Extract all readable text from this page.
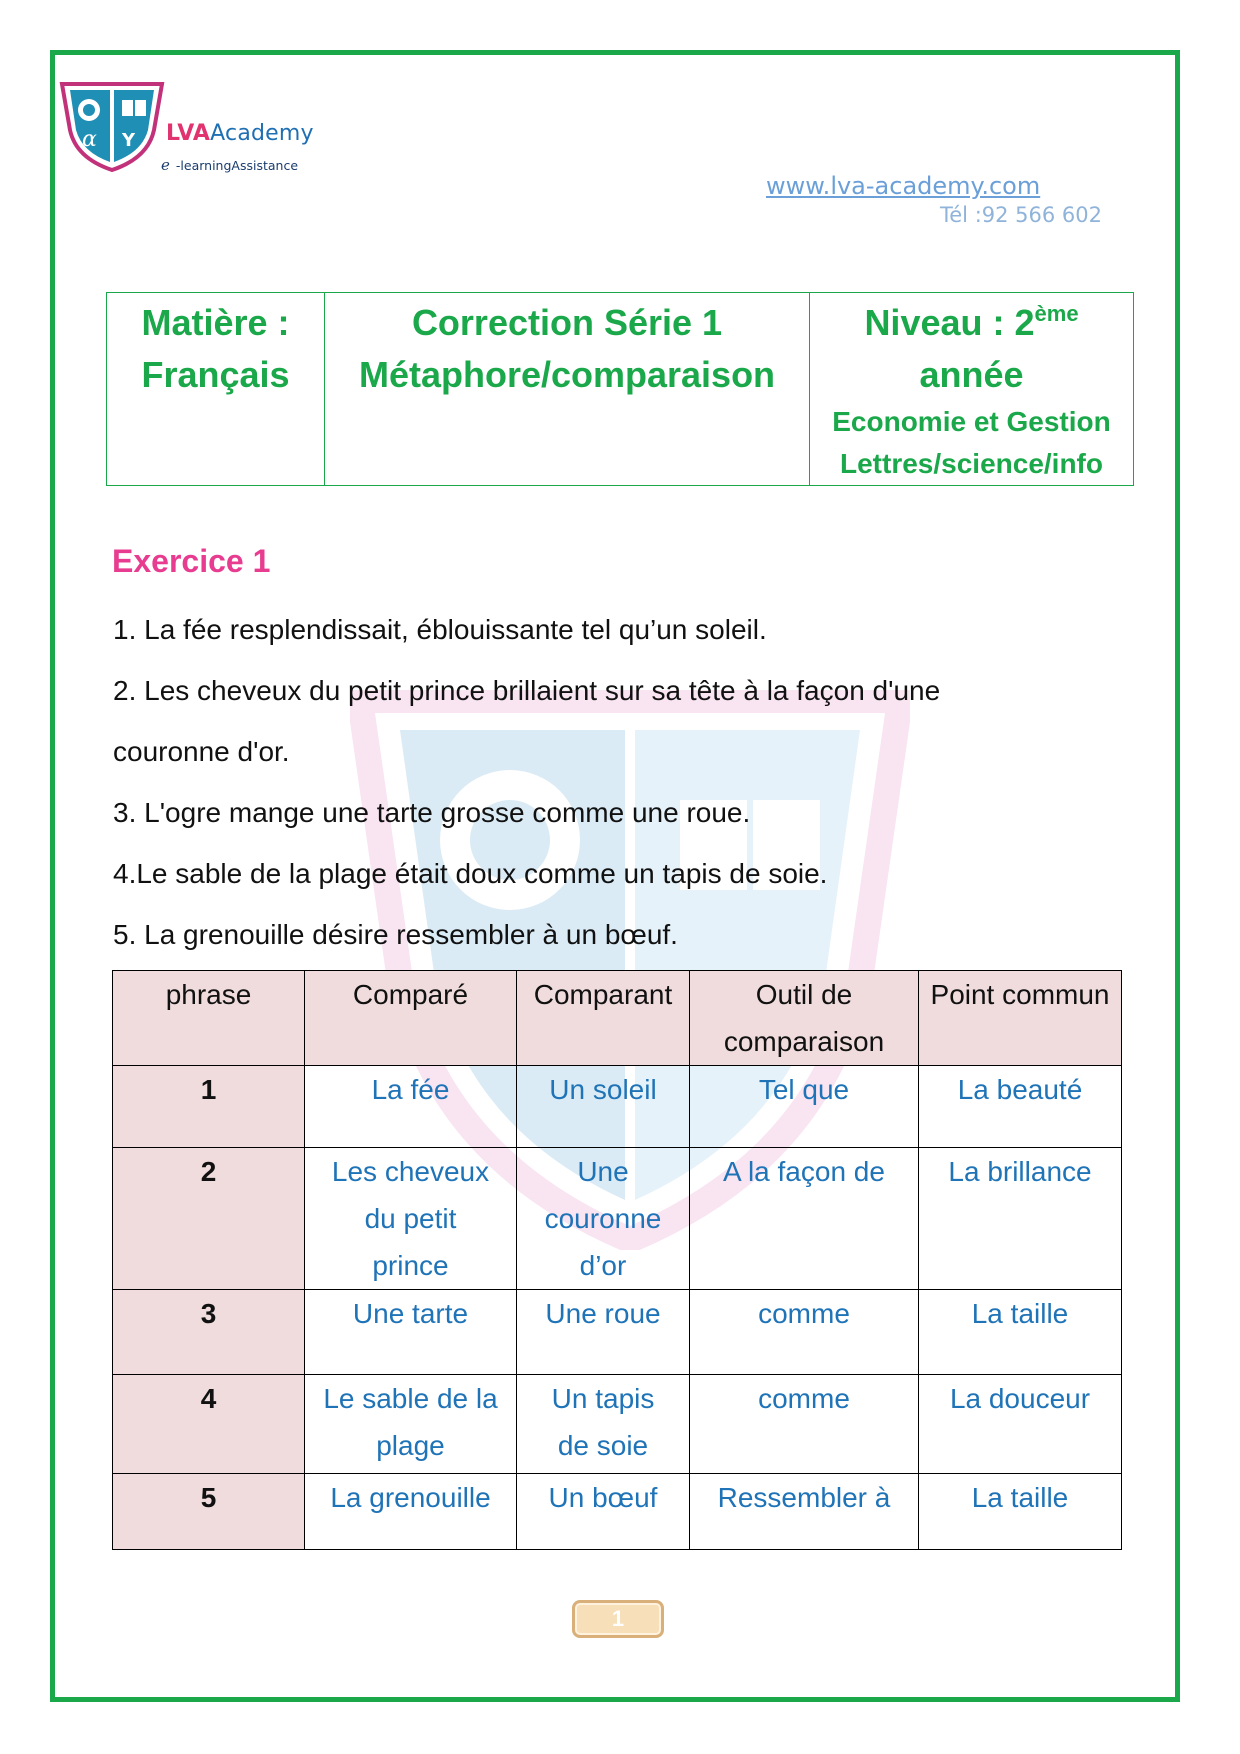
α Y LVAAcademy
e -learningAssistance
www.lva-academy.com
Tél :92 566 602
Matière :
Français

Correction Série 1
Métaphore/comparaison

Niveau : 2ème
année
Economie et Gestion
Lettres/science/info
Exercice 1
1. La fée resplendissait, éblouissante tel qu’un soleil.
2. Les cheveux du petit prince brillaient sur sa tête à la façon d'une
couronne d'or.
3. L'ogre mange une tarte grosse comme une roue.
4.Le sable de la plage était doux comme un tapis de soie.
5. La grenouille désire ressembler à un bœuf.
phrase	Comparé	Comparant	Outil de comparaison	Point commun
1	La fée	Un soleil	Tel que	La beauté
2	Les cheveux du petit prince	Une couronne d’or	A la façon de	La brillance
3	Une tarte	Une roue	comme	La taille
4	Le sable de la plage	Un tapis de soie	comme	La douceur
5	La grenouille	Un bœuf	Ressembler à	La taille
1
